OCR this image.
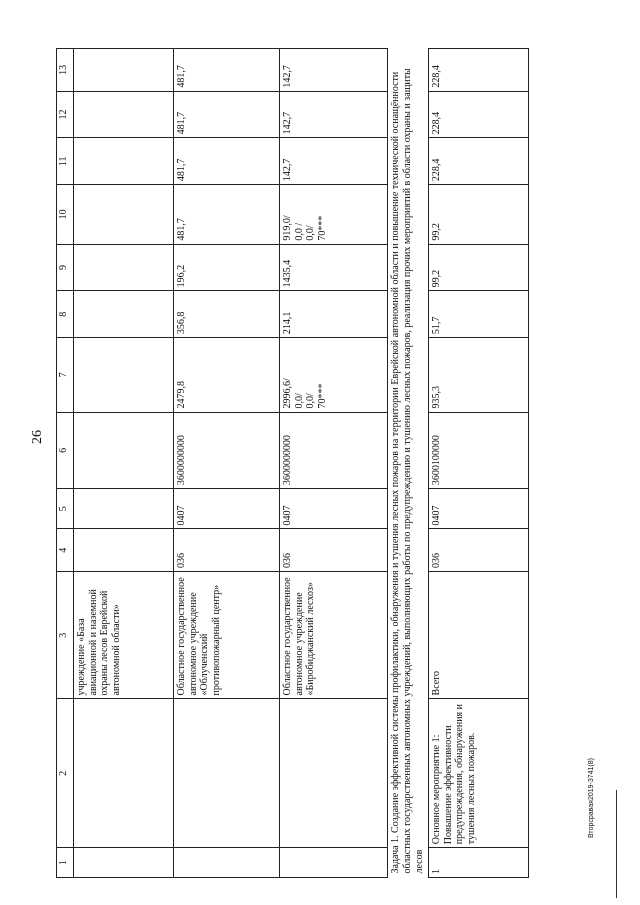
26
1	2	3	4	5	6	7	8	9	10	11	12	13
		учреждение «База авиационной и наземной охраны лесов Еврейской автономной области»										
		Областное государственное автономное учреждение «Облученский противопожарный центр»	036	0407	3600000000	2479,8	356,8	196,2	481,7	481,7	481,7	481,7
		Областное государственное автономное учреждение «Биробиджанский лесхоз»	036	0407	3600000000	2996,6/
0,0/
0,0/
70***	214,1	1435,4	919,0/
0,0 /
0,0/
70***	142,7	142,7	142,7
Задача 1. Создание эффективной системы профилактики, обнаружения и тушения лесных пожаров на территории Еврейской автономной области и повышение технической оснащённости областных государственных автономных учреждений, выполняющих работы по предупреждению и тушению лесных пожаров, реализация прочих мероприятий в области охраны и защиты лесов												
1	Основное мероприятие 1: Повышение эффективности предупреждения, обнаружения и тушения лесных пожаров.	Всего	036	0407	3600100000	935,3	51,7	99,2	99,2	228,4	228,4	228,4
Вторсравая2019-3741(8)
